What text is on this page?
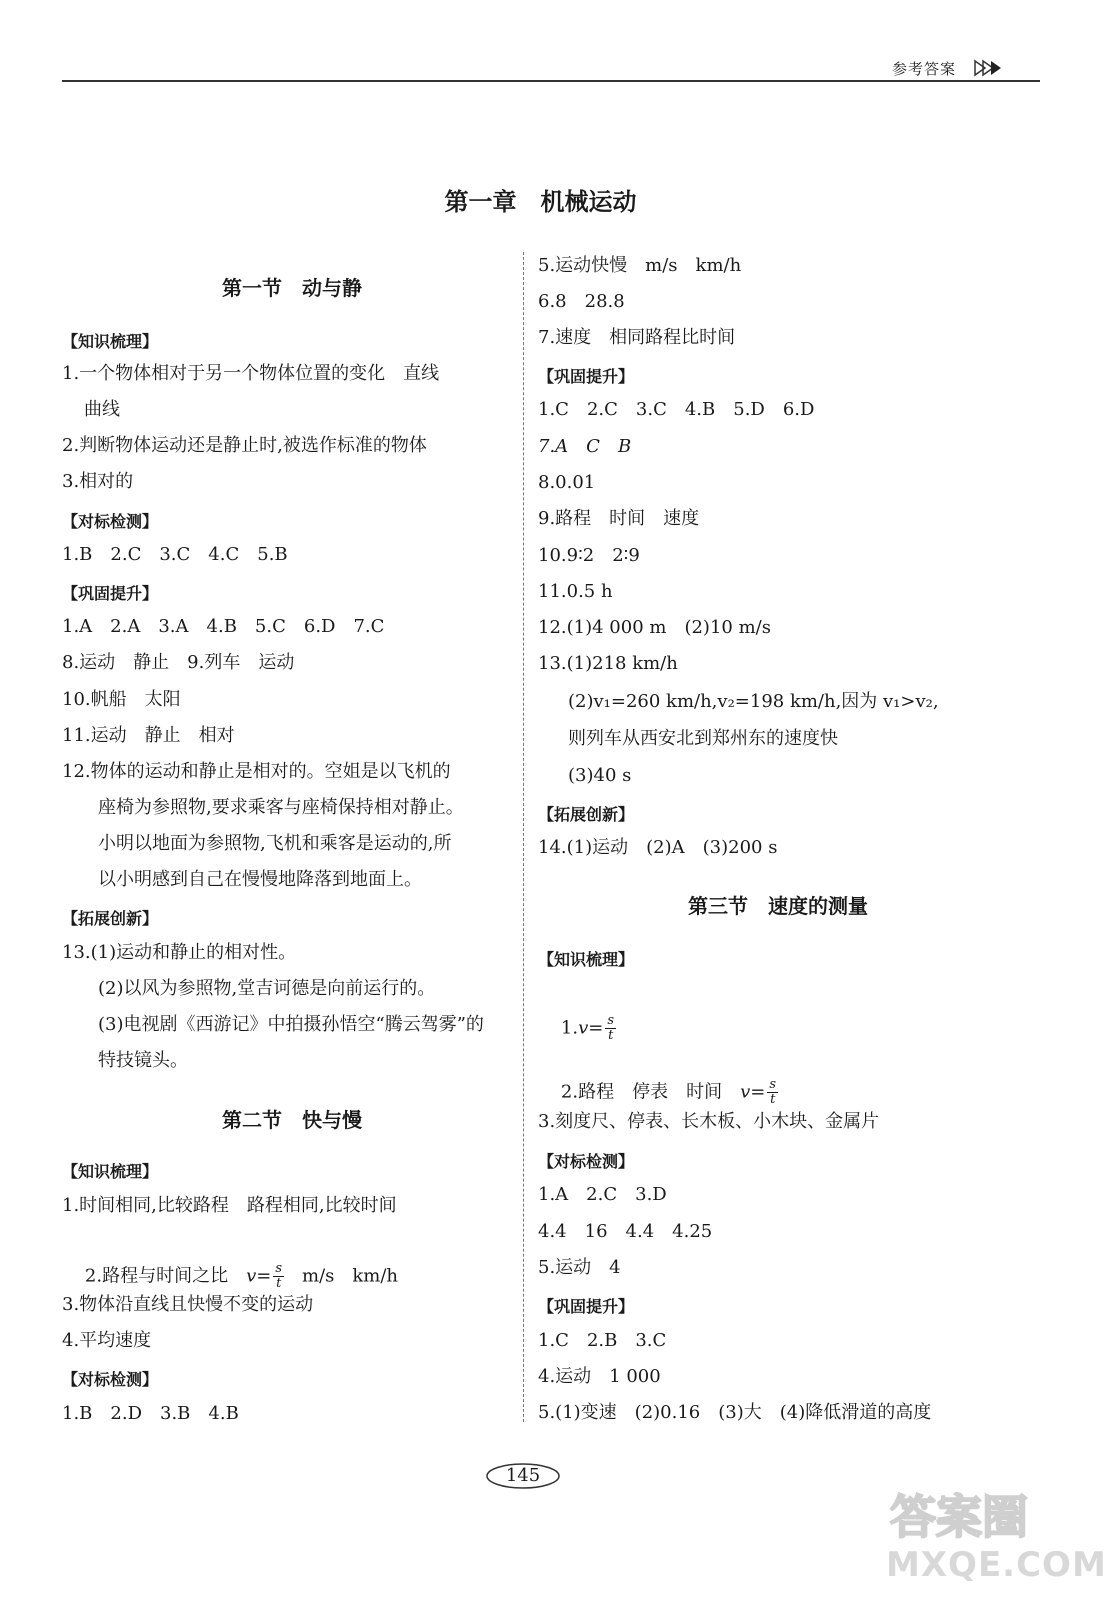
参考答案
第一章　机械运动
第一节　动与静
【知识梳理】
1.一个物体相对于另一个物体位置的变化　直线
曲线
2.判断物体运动还是静止时,被选作标准的物体
3.相对的
【对标检测】
1.B　2.C　3.C　4.C　5.B
【巩固提升】
1.A　2.A　3.A　4.B　5.C　6.D　7.C
8.运动　静止　9.列车　运动
10.帆船　太阳
11.运动　静止　相对
12.物体的运动和静止是相对的。空姐是以飞机的
座椅为参照物,要求乘客与座椅保持相对静止。
小明以地面为参照物,飞机和乘客是运动的,所
以小明感到自己在慢慢地降落到地面上。
【拓展创新】
13.(1)运动和静止的相对性。
(2)以风为参照物,堂吉诃德是向前运行的。
(3)电视剧《西游记》中拍摄孙悟空“腾云驾雾”的
特技镜头。
第二节　快与慢
【知识梳理】
1.时间相同,比较路程　路程相同,比较时间

2.路程与时间之比　$v= \frac{s}{t}$ 　m/s　km/h

3.物体沿直线且快慢不变的运动
4.平均速度
【对标检测】
1.B　2.D　3.B　4.B
5.运动快慢　m/s　km/h
6.8　28.8
7.速度　相同路程比时间
【巩固提升】
1.C　2.C　3.C　4.B　5.D　6.D
7.A　C　B
8.0.01
9.路程　时间　速度
10.9∶2　2∶9
11.0.5 h
12.(1)4 000 m　(2)10 m/s
13.(1)218 km/h
(2)v₁=260 km/h,v₂=198 km/h,因为 v₁>v₂,
则列车从西安北到郑州东的速度快
(3)40 s
【拓展创新】
14.(1)运动　(2)A　(3)200 s
第三节　速度的测量
【知识梳理】

$1.v= \frac{s}{t}$

2.路程　停表　时间　$v= \frac{s}{t}$

3.刻度尺、停表、长木板、小木块、金属片
【对标检测】
1.A　2.C　3.D
4.4　16　4.4　4.25
5.运动　4
【巩固提升】
1.C　2.B　3.C
4.运动　1 000
5.(1)变速　(2)0.16　(3)大　(4)降低滑道的高度
145
答案圈
MXQE.COM
